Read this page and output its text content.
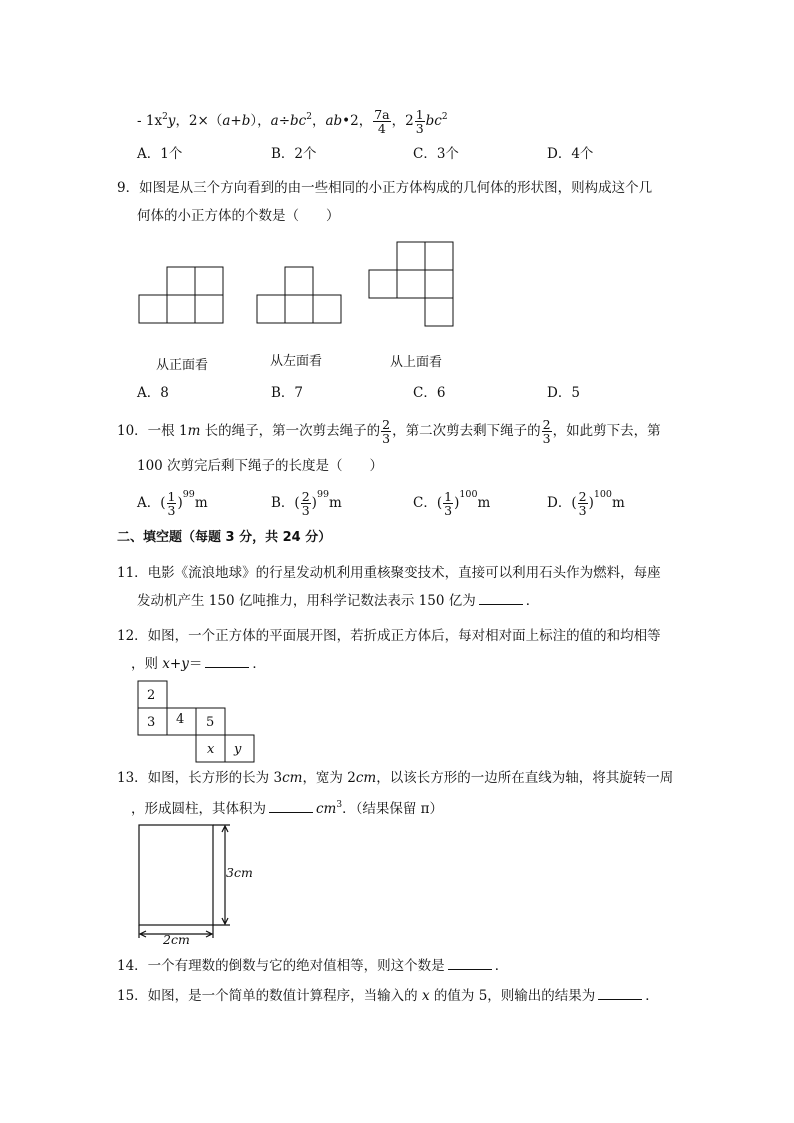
- $1x^2y$，2×（a+b），$a\div bc^2$，ab•2， $\frac{7a}{4}$ ，$2 \frac{1}{3} bc^2$
A．1个	B．2个	C．3个	D．4个
9．如图是从三个方向看到的由一些相同的小正方体构成的几何体的形状图，则构成这个几
何体的小正方体的个数是（　　）
从正面看	从左面看	从上面看
A．8	B．7	C．6	D．5
10．一根 1m 长的绳子，第一次剪去绳子的 $\frac{2}{3}$ ，第二次剪去剩下绳子的 $\frac{2}{3}$ ，如此剪下去，第
100 次剪完后剩下绳子的长度是（　　）
A．( $\frac{1}{3} )^{99}m$	B．( $\frac{2}{3} )^{99}m$	C．( $\frac{1}{3} )^{100}m$	D．( $\frac{2}{3} )^{100}m$
二、填空题（每题 3 分，共 24 分）
11．电影《流浪地球》的行星发动机利用重核聚变技术，直接可以利用石头作为燃料，每座
发动机产生 150 亿吨推力，用科学记数法表示 150 亿为	．
12．如图，一个正方体的平面展开图，若折成正方体后，每对相对面上标注的值的和均相等
，则 x+y＝	．
2
3 4 5
x y
13．如图，长方形的长为 3cm，宽为 2cm，以该长方形的一边所在直线为轴，将其旋转一周
，形成圆柱，其体积为	$cm^3$．（结果保留 π）
3cm
2cm
14．一个有理数的倒数与它的绝对值相等，则这个数是	．
15．如图，是一个简单的数值计算程序，当输入的 x 的值为 5，则输出的结果为	．
